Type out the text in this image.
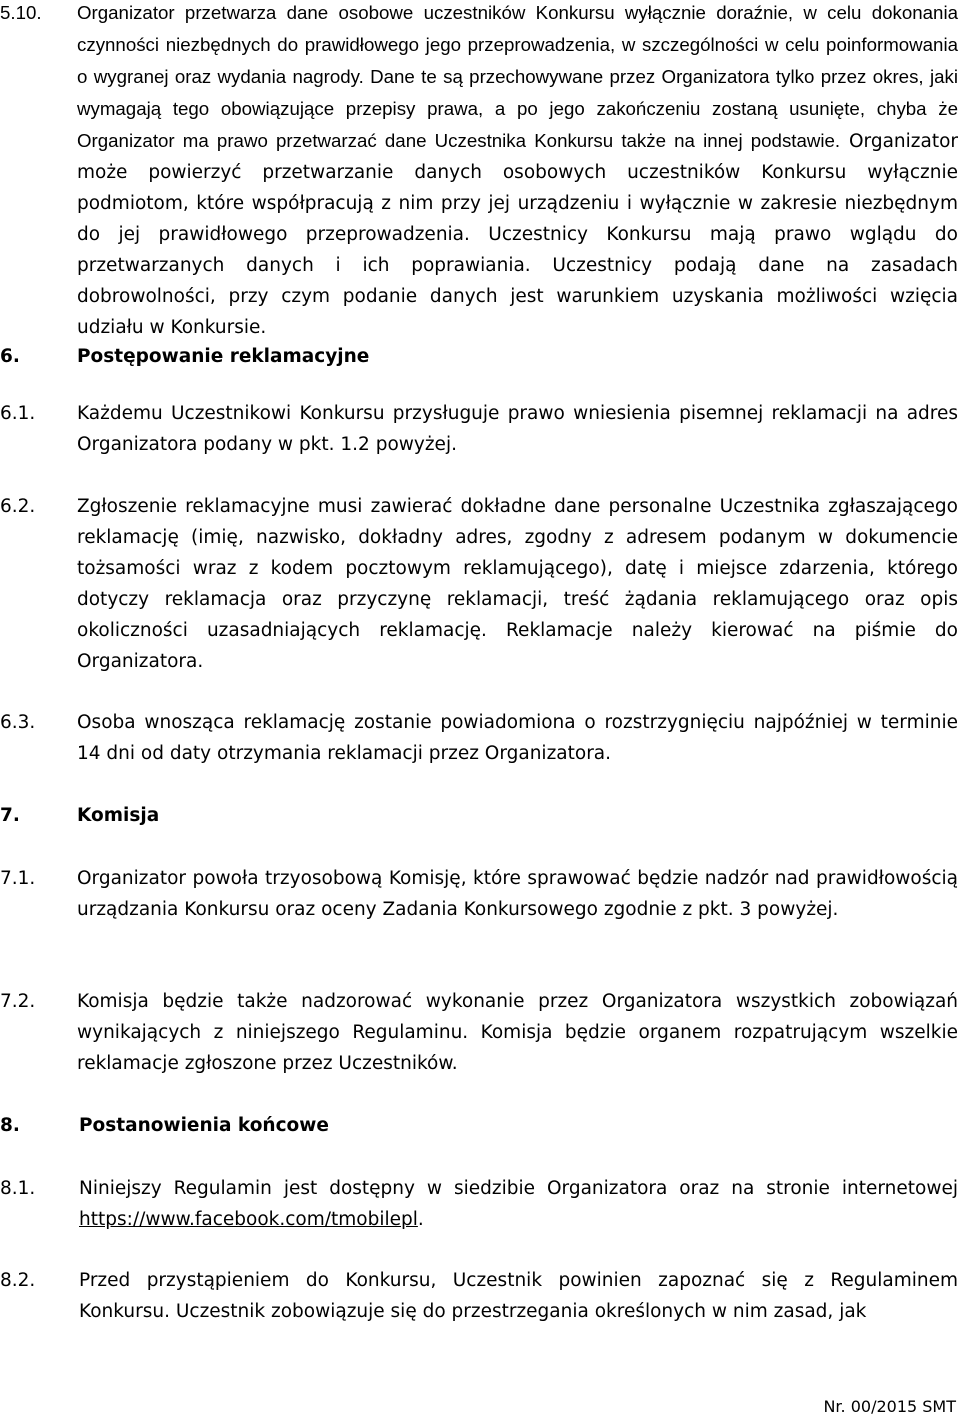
5.10. Organizator przetwarza dane osobowe uczestników Konkursu wyłącznie doraźnie, w celu dokonania czynności niezbędnych do prawidłowego jego przeprowadzenia, w szczególności w celu poinformowania o wygranej oraz wydania nagrody. Dane te są przechowywane przez Organizatora tylko przez okres, jaki wymagają tego obowiązujące przepisy prawa, a po jego zakończeniu zostaną usunięte, chyba że Organizator ma prawo przetwarzać dane Uczestnika Konkursu także na innej podstawie. Organizator może powierzyć przetwarzanie danych osobowych uczestników Konkursu wyłącznie podmiotom, które współpracują z nim przy jej urządzeniu i wyłącznie w zakresie niezbędnym do jej prawidłowego przeprowadzenia. Uczestnicy Konkursu mają prawo wglądu do przetwarzanych danych i ich poprawiania. Uczestnicy podają dane na zasadach dobrowolności, przy czym podanie danych jest warunkiem uzyskania możliwości wzięcia udziału w Konkursie.
6.	Postępowanie reklamacyjne
6.1. Każdemu Uczestnikowi Konkursu przysługuje prawo wniesienia pisemnej reklamacji na adres Organizatora podany w pkt. 1.2 powyżej.
6.2. Zgłoszenie reklamacyjne musi zawierać dokładne dane personalne Uczestnika zgłaszającego reklamację (imię, nazwisko, dokładny adres, zgodny z adresem podanym w dokumencie tożsamości wraz z kodem pocztowym reklamującego), datę i miejsce zdarzenia, którego dotyczy reklamacja oraz przyczynę reklamacji, treść żądania reklamującego oraz opis okoliczności uzasadniających reklamację. Reklamacje należy kierować na piśmie do Organizatora.
6.3. Osoba wnosząca reklamację zostanie powiadomiona o rozstrzygnięciu najpóźniej w terminie 14 dni od daty otrzymania reklamacji przez Organizatora.
7.	Komisja
7.1. Organizator powoła trzyosobową Komisję, które sprawować będzie nadzór nad prawidłowością urządzania Konkursu oraz oceny Zadania Konkursowego zgodnie z pkt. 3 powyżej.
7.2. Komisja będzie także nadzorować wykonanie przez Organizatora wszystkich zobowiązań wynikających z niniejszego Regulaminu. Komisja będzie organem rozpatrującym wszelkie reklamacje zgłoszone przez Uczestników.
8.	Postanowienia końcowe
8.1. Niniejszy Regulamin jest dostępny w siedzibie Organizatora oraz na stronie internetowej https://www.facebook.com/tmobilepl.
8.2. Przed przystąpieniem do Konkursu, Uczestnik powinien zapoznać się z Regulaminem Konkursu. Uczestnik zobowiązuje się do przestrzegania określonych w nim zasad, jak
Nr. 00/2015 SMT
